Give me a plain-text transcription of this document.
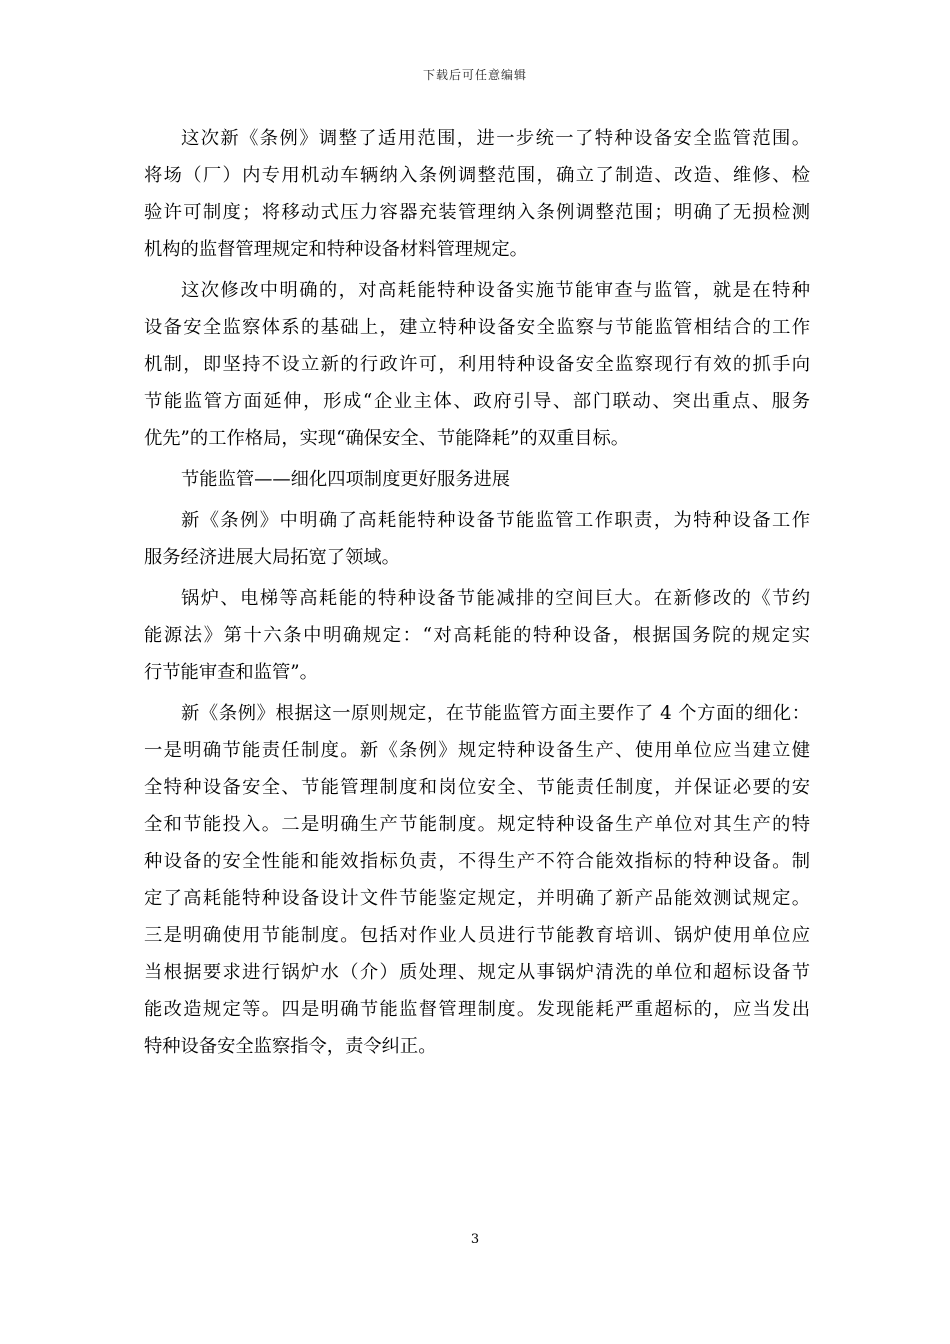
下载后可任意编辑
这次新《条例》调整了适用范围，进一步统一了特种设备安全监管范围。
将场（厂）内专用机动车辆纳入条例调整范围，确立了制造、改造、维修、检
验许可制度；将移动式压力容器充装管理纳入条例调整范围；明确了无损检测
机构的监督管理规定和特种设备材料管理规定。
这次修改中明确的，对高耗能特种设备实施节能审查与监管，就是在特种
设备安全监察体系的基础上，建立特种设备安全监察与节能监管相结合的工作
机制，即坚持不设立新的行政许可，利用特种设备安全监察现行有效的抓手向
节能监管方面延伸，形成“企业主体、政府引导、部门联动、突出重点、服务
优先”的工作格局，实现“确保安全、节能降耗”的双重目标。
节能监管——细化四项制度更好服务进展
新《条例》中明确了高耗能特种设备节能监管工作职责，为特种设备工作
服务经济进展大局拓宽了领域。
锅炉、电梯等高耗能的特种设备节能减排的空间巨大。在新修改的《节约
能源法》第十六条中明确规定：“对高耗能的特种设备，根据国务院的规定实
行节能审查和监管”。
新《条例》根据这一原则规定，在节能监管方面主要作了 4 个方面的细化：
一是明确节能责任制度。新《条例》规定特种设备生产、使用单位应当建立健
全特种设备安全、节能管理制度和岗位安全、节能责任制度，并保证必要的安
全和节能投入。二是明确生产节能制度。规定特种设备生产单位对其生产的特
种设备的安全性能和能效指标负责，不得生产不符合能效指标的特种设备。制
定了高耗能特种设备设计文件节能鉴定规定，并明确了新产品能效测试规定。
三是明确使用节能制度。包括对作业人员进行节能教育培训、锅炉使用单位应
当根据要求进行锅炉水（介）质处理、规定从事锅炉清洗的单位和超标设备节
能改造规定等。四是明确节能监督管理制度。发现能耗严重超标的，应当发出
特种设备安全监察指令，责令纠正。
3
